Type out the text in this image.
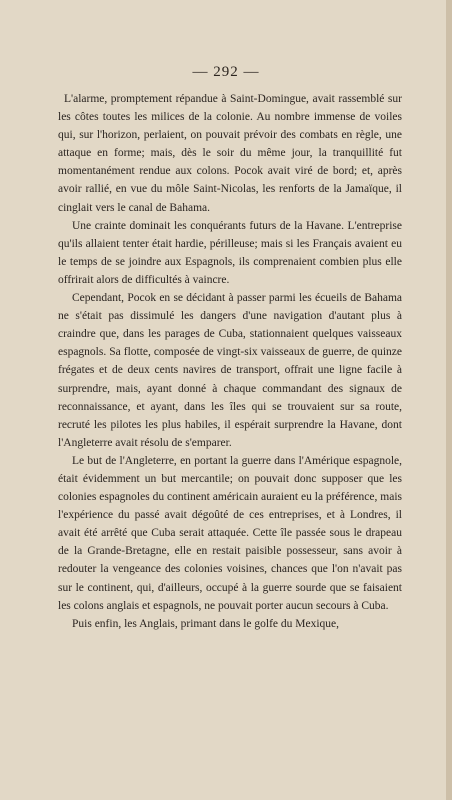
— 292 —

L'alarme, promptement répandue à Saint-Domingue, avait rassemblé sur les côtes toutes les milices de la colonie. Au nombre immense de voiles qui, sur l'horizon, perlaient, on pouvait prévoir des combats en règle, une attaque en forme; mais, dès le soir du même jour, la tranquillité fut momentanément rendue aux colons. Pocok avait viré de bord; et, après avoir rallié, en vue du môle Saint-Nicolas, les renforts de la Jamaïque, il cinglait vers le canal de Bahama.

Une crainte dominait les conquérants futurs de la Havane. L'entreprise qu'ils allaient tenter était hardie, périlleuse; mais si les Français avaient eu le temps de se joindre aux Espagnols, ils comprenaient combien plus elle offrirait alors de difficultés à vaincre.

Cependant, Pocok en se décidant à passer parmi les écueils de Bahama ne s'était pas dissimulé les dangers d'une navigation d'autant plus à craindre que, dans les parages de Cuba, stationnaient quelques vaisseaux espagnols. Sa flotte, composée de vingt-six vaisseaux de guerre, de quinze frégates et de deux cents navires de transport, offrait une ligne facile à surprendre, mais, ayant donné à chaque commandant des signaux de reconnaissance, et ayant, dans les îles qui se trouvaient sur sa route, recruté les pilotes les plus habiles, il espérait surprendre la Havane, dont l'Angleterre avait résolu de s'emparer.

Le but de l'Angleterre, en portant la guerre dans l'Amérique espagnole, était évidemment un but mercantile; on pouvait donc supposer que les colonies espagnoles du continent américain auraient eu la préférence, mais l'expérience du passé avait dégoûté de ces entreprises, et à Londres, il avait été arrêté que Cuba serait attaquée. Cette île passée sous le drapeau de la Grande-Bretagne, elle en restait paisible possesseur, sans avoir à redouter la vengeance des colonies voisines, chances que l'on n'avait pas sur le continent, qui, d'ailleurs, occupé à la guerre sourde que se faisaient les colons anglais et espagnols, ne pouvait porter aucun secours à Cuba.

Puis enfin, les Anglais, primant dans le golfe du Mexique,
